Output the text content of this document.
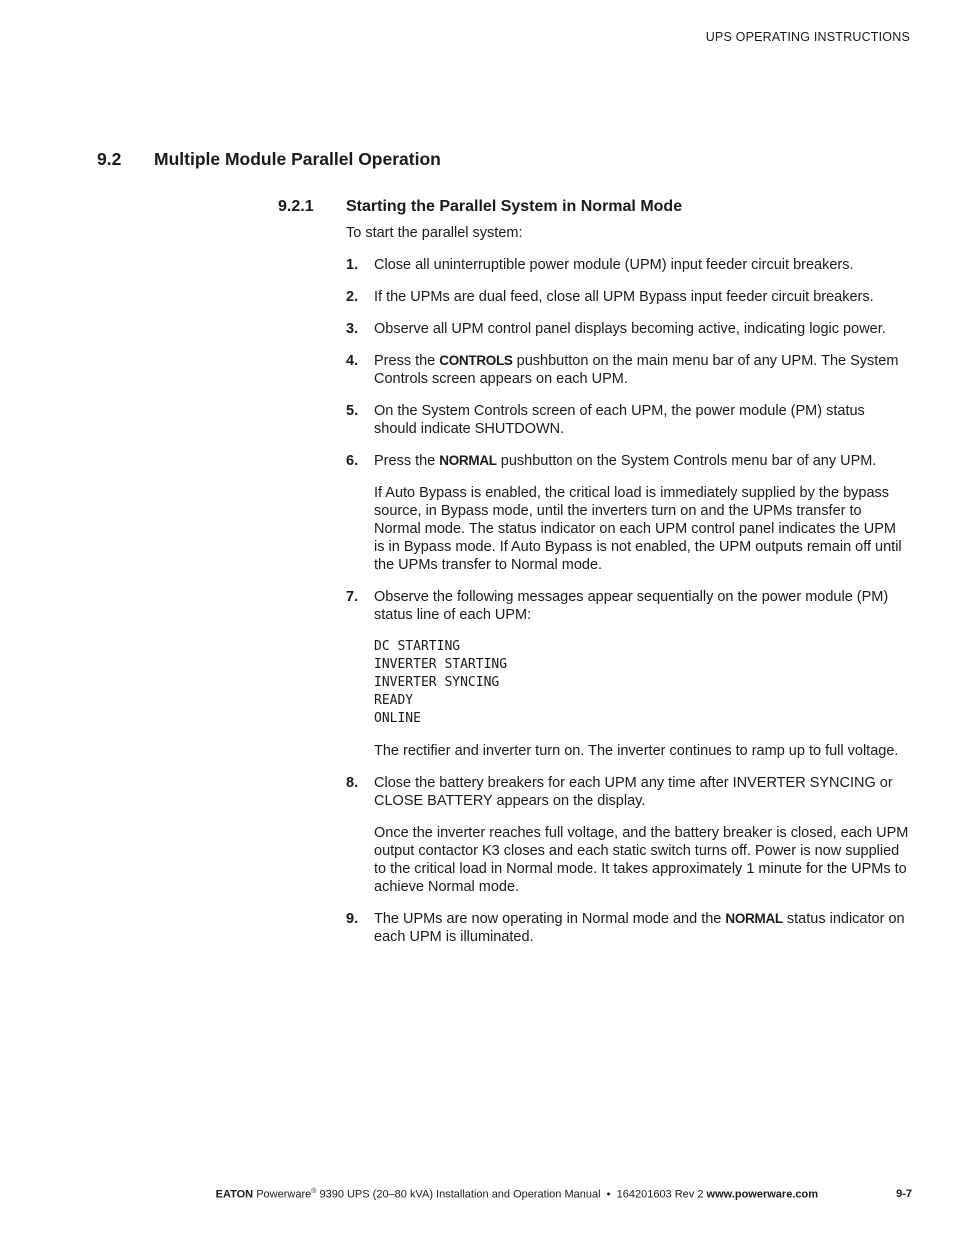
UPS OPERATING INSTRUCTIONS
9.2 Multiple Module Parallel Operation
9.2.1 Starting the Parallel System in Normal Mode

To start the parallel system:

1. Close all uninterruptible power module (UPM) input feeder circuit breakers.

2. If the UPMs are dual feed, close all UPM Bypass input feeder circuit breakers.

3. Observe all UPM control panel displays becoming active, indicating logic power.

4. Press the CONTROLS pushbutton on the main menu bar of any UPM. The System Controls screen appears on each UPM.

5. On the System Controls screen of each UPM, the power module (PM) status should indicate SHUTDOWN.

6. Press the NORMAL pushbutton on the System Controls menu bar of any UPM.

If Auto Bypass is enabled, the critical load is immediately supplied by the bypass source, in Bypass mode, until the inverters turn on and the UPMs transfer to Normal mode. The status indicator on each UPM control panel indicates the UPM is in Bypass mode. If Auto Bypass is not enabled, the UPM outputs remain off until the UPMs transfer to Normal mode.

7. Observe the following messages appear sequentially on the power module (PM) status line of each UPM:

DC STARTING
INVERTER STARTING
INVERTER SYNCING
READY
ONLINE

The rectifier and inverter turn on. The inverter continues to ramp up to full voltage.

8. Close the battery breakers for each UPM any time after INVERTER SYNCING or CLOSE BATTERY appears on the display.

Once the inverter reaches full voltage, and the battery breaker is closed, each UPM output contactor K3 closes and each static switch turns off. Power is now supplied to the critical load in Normal mode. It takes approximately 1 minute for the UPMs to achieve Normal mode.

9. The UPMs are now operating in Normal mode and the NORMAL status indicator on each UPM is illuminated.

EATON Powerware® 9390 UPS (20–80 kVA) Installation and Operation Manual  •  164201603 Rev 2 www.powerware.com	9-7
